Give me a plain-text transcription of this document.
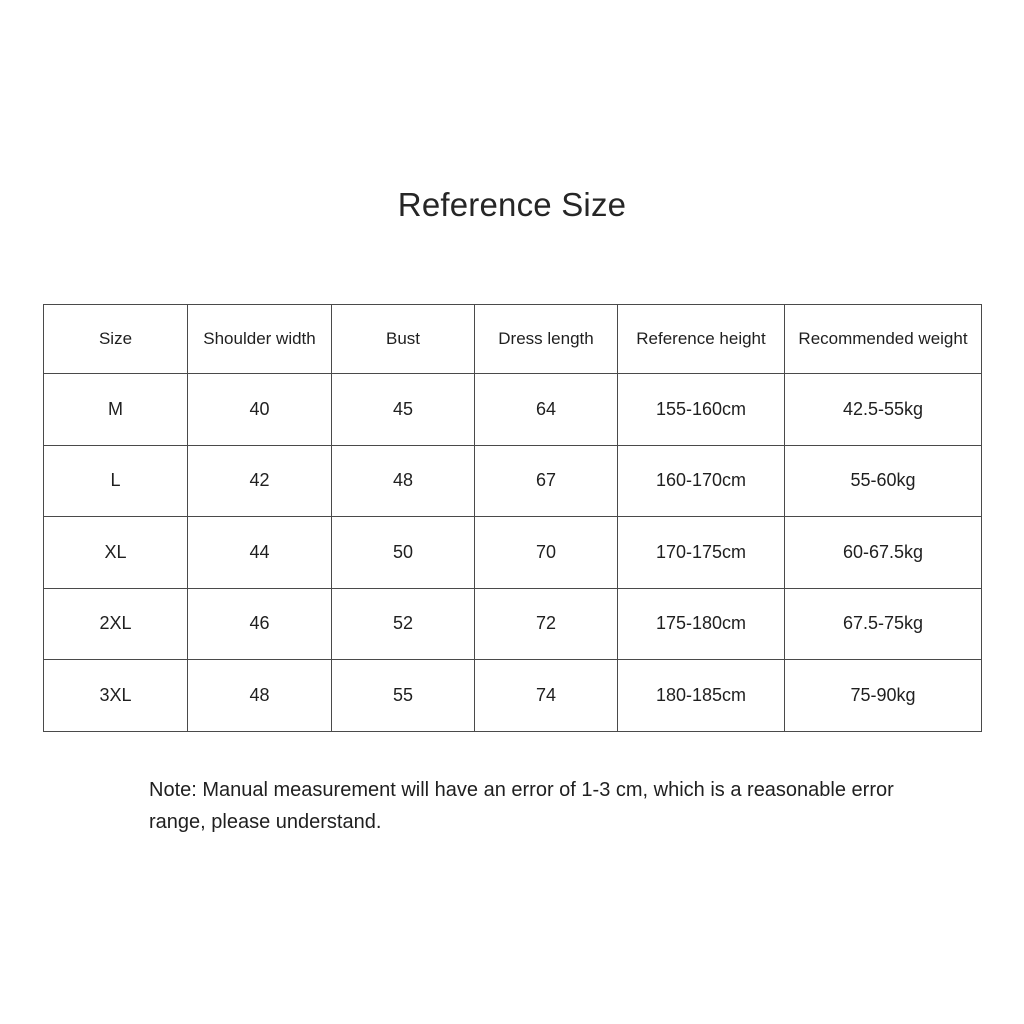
Reference Size
Size	Shoulder width	Bust	Dress length	Reference height	Recommended weight
M	40	45	64	155-160cm	42.5-55kg
L	42	48	67	160-170cm	55-60kg
XL	44	50	70	170-175cm	60-67.5kg
2XL	46	52	72	175-180cm	67.5-75kg
3XL	48	55	74	180-185cm	75-90kg
Note: Manual measurement will have an error of 1-3 cm, which is a reasonable error range, please understand.
